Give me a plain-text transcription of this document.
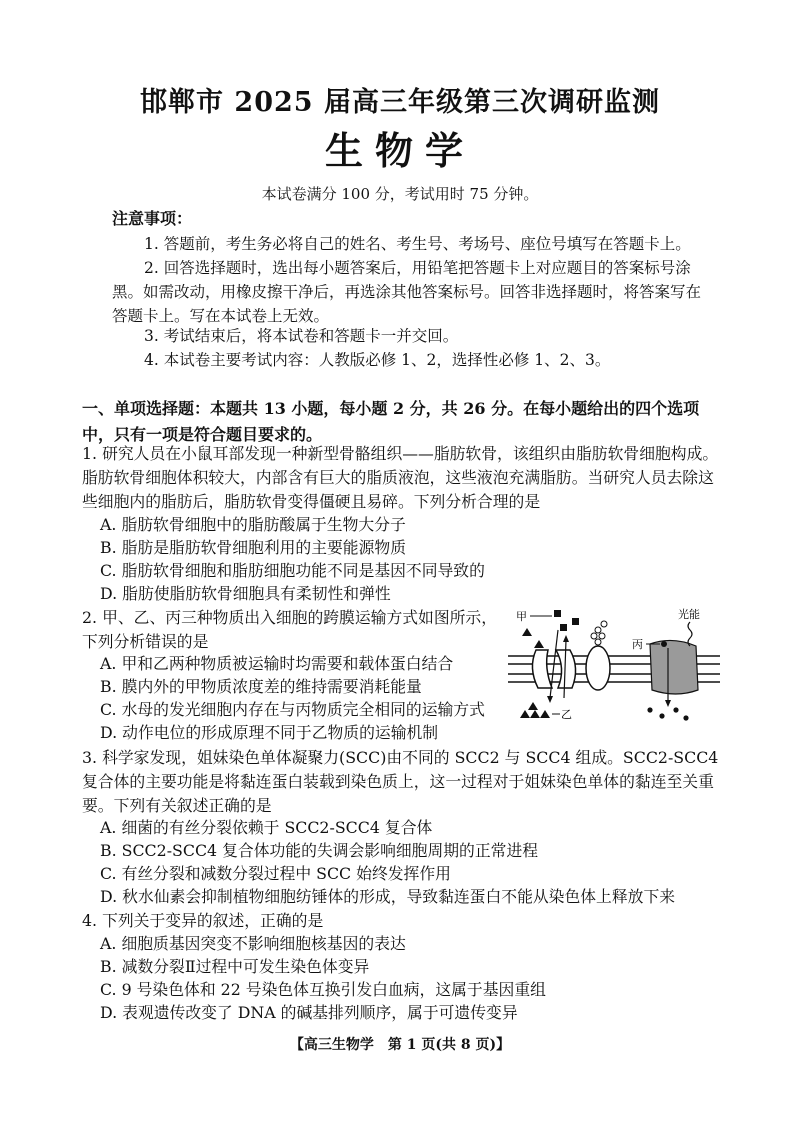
邯郸市 2025 届高三年级第三次调研监测
生物学
本试卷满分 100 分，考试用时 75 分钟。
注意事项：
1. 答题前，考生务必将自己的姓名、考生号、考场号、座位号填写在答题卡上。
2. 回答选择题时，选出每小题答案后，用铅笔把答题卡上对应题目的答案标号涂黑。如需改动，用橡皮擦干净后，再选涂其他答案标号。回答非选择题时，将答案写在答题卡上。写在本试卷上无效。
3. 考试结束后，将本试卷和答题卡一并交回。
4. 本试卷主要考试内容：人教版必修 1、2，选择性必修 1、2、3。
一、单项选择题：本题共 13 小题，每小题 2 分，共 26 分。在每小题给出的四个选项中，只有一项是符合题目要求的。
1. 研究人员在小鼠耳部发现一种新型骨骼组织——脂肪软骨，该组织由脂肪软骨细胞构成。脂肪软骨细胞体积较大，内部含有巨大的脂质液泡，这些液泡充满脂肪。当研究人员去除这些细胞内的脂肪后，脂肪软骨变得僵硬且易碎。下列分析合理的是
A. 脂肪软骨细胞中的脂肪酸属于生物大分子
B. 脂肪是脂肪软骨细胞利用的主要能源物质
C. 脂肪软骨细胞和脂肪细胞功能不同是基因不同导致的
D. 脂肪使脂肪软骨细胞具有柔韧性和弹性
2. 甲、乙、丙三种物质出入细胞的跨膜运输方式如图所示，下列分析错误的是
A. 甲和乙两种物质被运输时均需要和载体蛋白结合
B. 膜内外的甲物质浓度差的维持需要消耗能量
C. 水母的发光细胞内存在与丙物质完全相同的运输方式
D. 动作电位的形成原理不同于乙物质的运输机制
甲
乙
丙
光能
3. 科学家发现，姐妹染色单体凝聚力(SCC)由不同的 SCC2 与 SCC4 组成。SCC2-SCC4 复合体的主要功能是将黏连蛋白装载到染色质上，这一过程对于姐妹染色单体的黏连至关重要。下列有关叙述正确的是
A. 细菌的有丝分裂依赖于 SCC2-SCC4 复合体
B. SCC2-SCC4 复合体功能的失调会影响细胞周期的正常进程
C. 有丝分裂和减数分裂过程中 SCC 始终发挥作用
D. 秋水仙素会抑制植物细胞纺锤体的形成，导致黏连蛋白不能从染色体上释放下来
4. 下列关于变异的叙述，正确的是
A. 细胞质基因突变不影响细胞核基因的表达
B. 减数分裂Ⅱ过程中可发生染色体变异
C. 9 号染色体和 22 号染色体互换引发白血病，这属于基因重组
D. 表观遗传改变了 DNA 的碱基排列顺序，属于可遗传变异
【高三生物学　第 1 页(共 8 页)】
